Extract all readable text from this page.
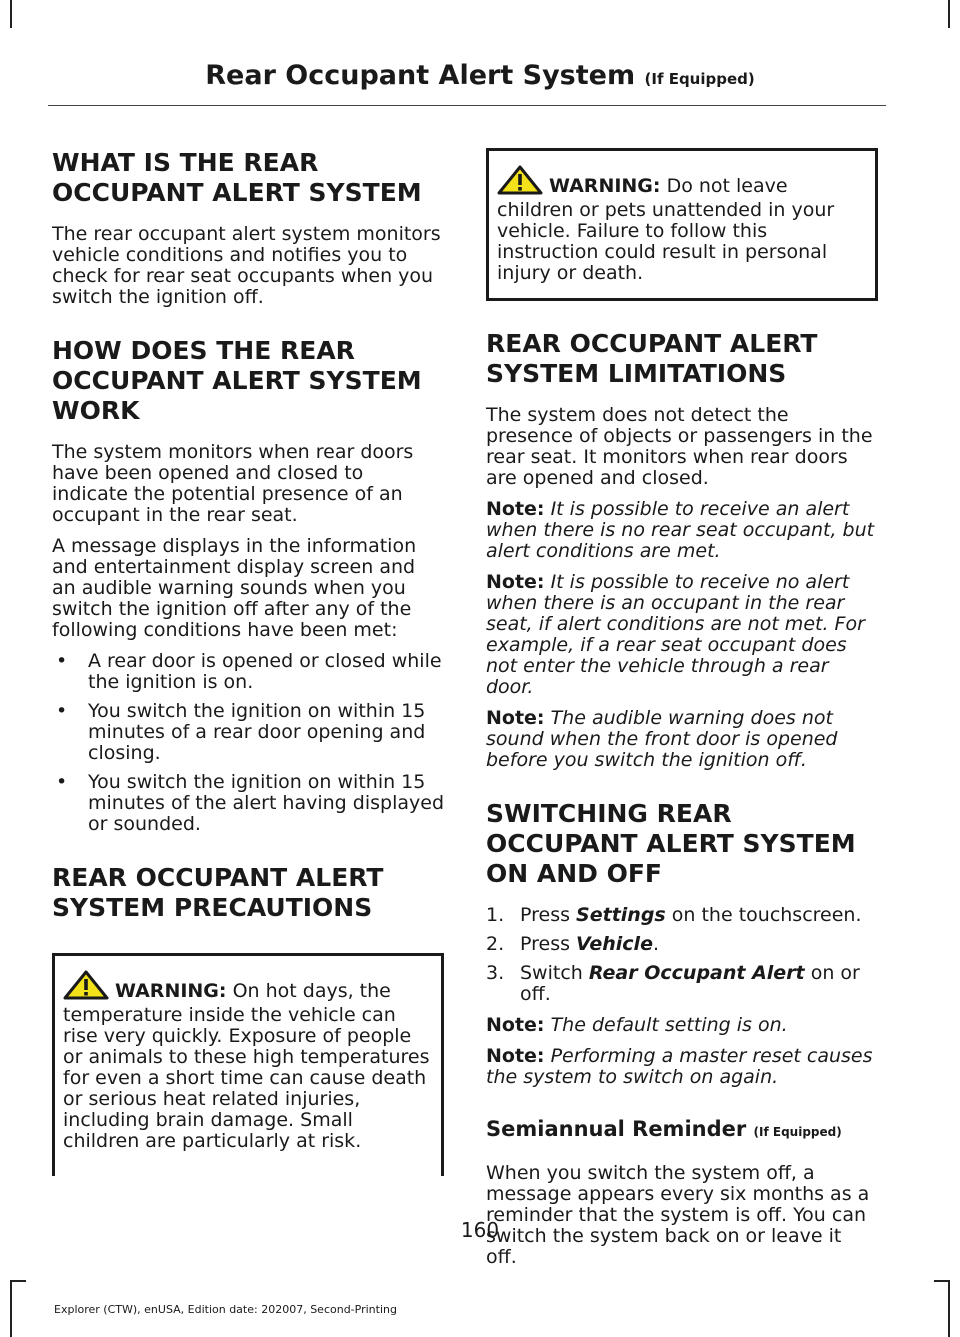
Rear Occupant Alert System (If Equipped)
WHAT IS THE REAR OCCUPANT ALERT SYSTEM

The rear occupant alert system monitors vehicle conditions and notifies you to check for rear seat occupants when you switch the ignition off.

HOW DOES THE REAR OCCUPANT ALERT SYSTEM WORK

The system monitors when rear doors have been opened and closed to indicate the potential presence of an occupant in the rear seat.

A message displays in the information and entertainment display screen and an audible warning sounds when you switch the ignition off after any of the following conditions have been met:

• A rear door is opened or closed while the ignition is on.
• You switch the ignition on within 15 minutes of a rear door opening and closing.
• You switch the ignition on within 15 minutes of the alert having displayed or sounded.
REAR OCCUPANT ALERT SYSTEM PRECAUTIONS
WARNING: On hot days, the temperature inside the vehicle can rise very quickly. Exposure of people or animals to these high temperatures for even a short time can cause death or serious heat related injuries, including brain damage. Small children are particularly at risk.
WARNING: Do not leave children or pets unattended in your vehicle. Failure to follow this instruction could result in personal injury or death.
REAR OCCUPANT ALERT SYSTEM LIMITATIONS

The system does not detect the presence of objects or passengers in the rear seat. It monitors when rear doors are opened and closed.

Note: It is possible to receive an alert when there is no rear seat occupant, but alert conditions are met.

Note: It is possible to receive no alert when there is an occupant in the rear seat, if alert conditions are not met. For example, if a rear seat occupant does not enter the vehicle through a rear door.

Note: The audible warning does not sound when the front door is opened before you switch the ignition off.

SWITCHING REAR OCCUPANT ALERT SYSTEM ON AND OFF
1. Press Settings on the touchscreen.
2. Press Vehicle.
3. Switch Rear Occupant Alert on or off.

Note: The default setting is on.

Note: Performing a master reset causes the system to switch on again.

Semiannual Reminder (If Equipped)

When you switch the system off, a message appears every six months as a reminder that the system is off. You can switch the system back on or leave it off.

160
Explorer (CTW), enUSA, Edition date: 202007, Second-Printing
